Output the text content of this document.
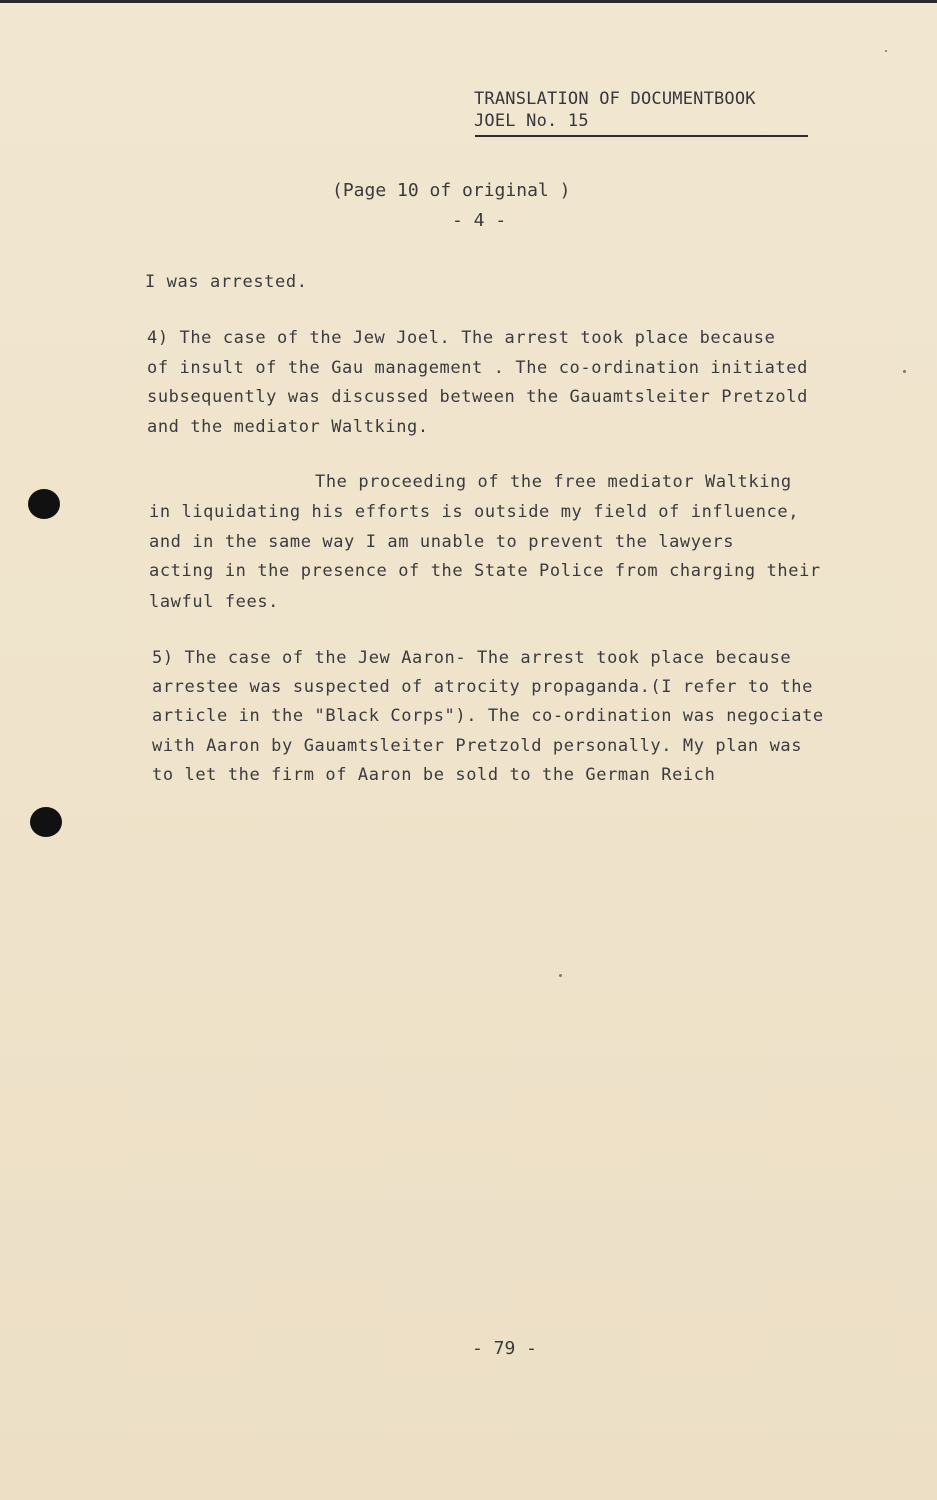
TRANSLATION OF DOCUMENTBOOK
JOEL No. 15
(Page 10 of original )
- 4 -
I was arrested.
4) The case of the Jew Joel. The arrest took place because
of insult of the Gau management . The co-ordination initiated
subsequently was discussed between the Gauamtsleiter Pretzold
and the mediator Waltking.
The proceeding of the free mediator Waltking
in liquidating his efforts is outside my field of influence,
and in the same way I am unable to prevent the lawyers
acting in the presence of the State Police from charging their
lawful fees.
5) The case of the Jew Aaron- The arrest took place because
arrestee was suspected of atrocity propaganda.(I refer to the
article in the "Black Corps"). The co-ordination was negociate
with Aaron by Gauamtsleiter Pretzold personally. My plan was
to let the firm of Aaron be sold to the German Reich
- 79 -
